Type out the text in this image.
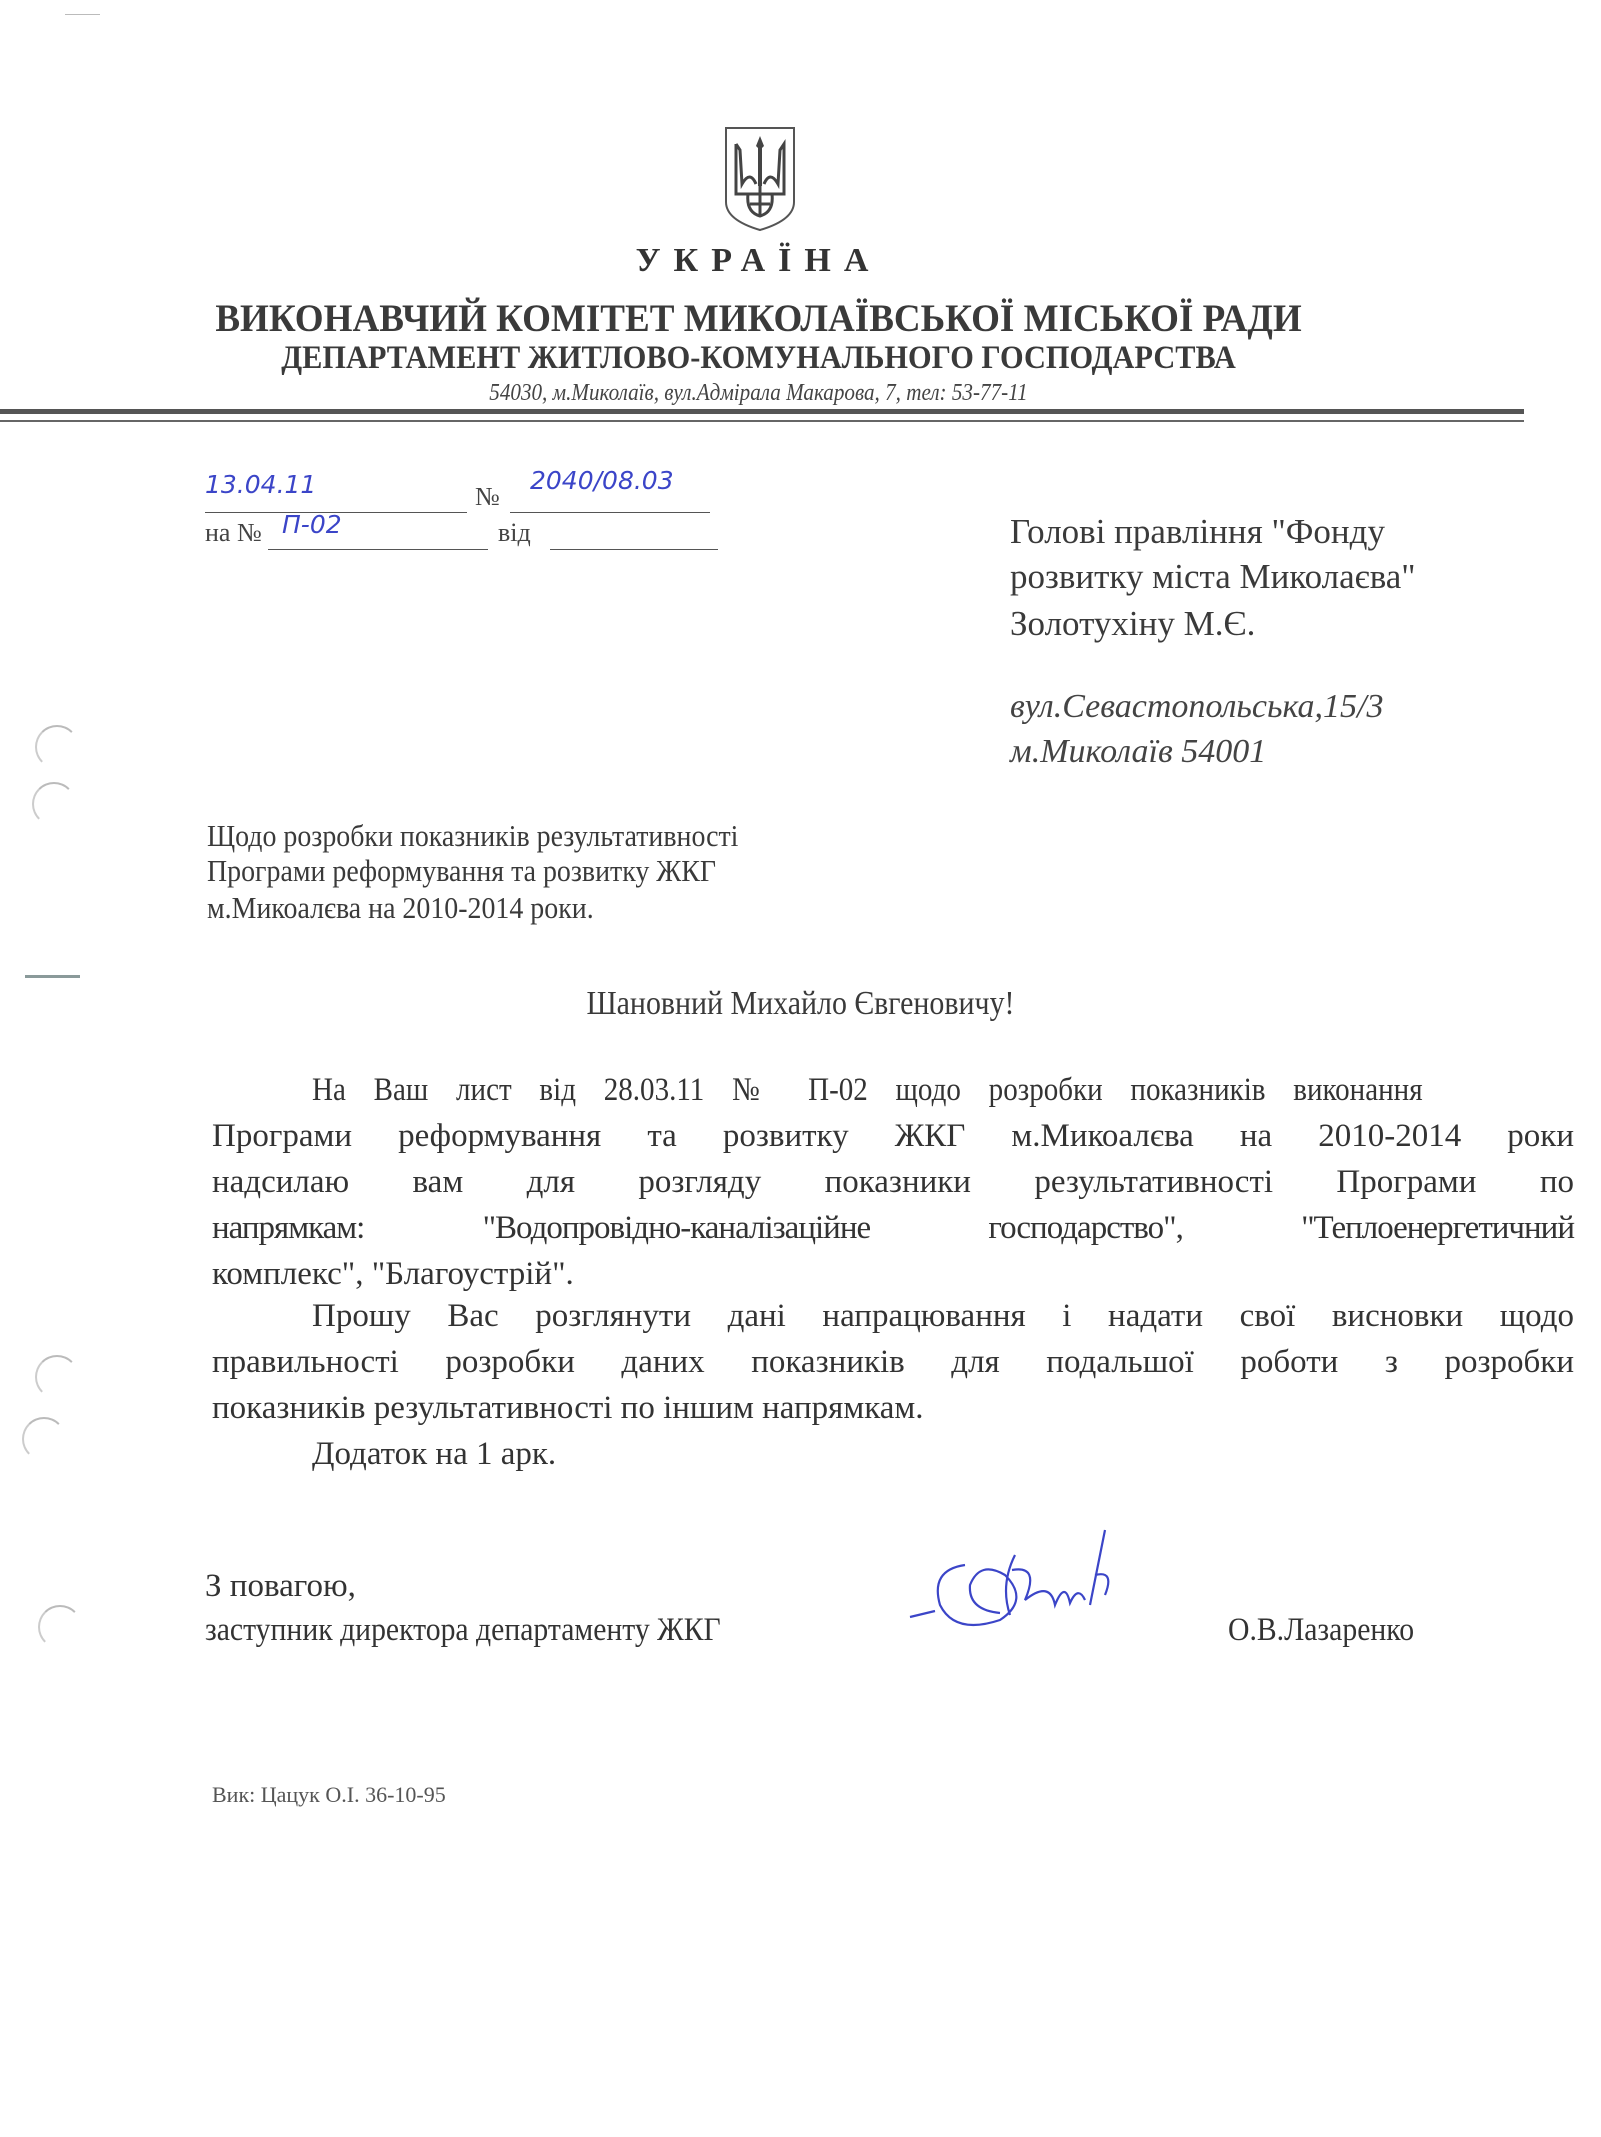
УКРАЇНА
ВИКОНАВЧИЙ КОМІТЕТ МИКОЛАЇВСЬКОЇ МІСЬКОЇ РАДИ
ДЕПАРТАМЕНТ ЖИТЛОВО-КОМУНАЛЬНОГО ГОСПОДАРСТВА
54030, м.Миколаїв, вул.Адмірала Макарова, 7, тел: 53-77-11
13.04.11	№
2040/08.03
на № П-02	від	Голові правління "Фонду
розвитку міста Миколаєва"
Золотухіну М.Є.
вул.Севастопольська,15/3
м.Миколаїв 54001
Щодо розробки показників результативності
Програми реформування та розвитку ЖКГ
м.Микоалєва на 2010-2014 роки.
Шановний Михайло Євгеновичу!
На Ваш лист від 28.03.11 № П-02 щодо розробки показників виконання
Програми реформування та розвитку ЖКГ м.Микоалєва на 2010-2014 роки
надсилаю вам для розгляду показники результативності Програми по
напрямкам: "Водопровідно-каналізаційне господарство", "Теплоенергетичний
комплекс", "Благоустрій".
Прошу Вас розглянути дані напрацювання і надати свої висновки щодо
правильності розробки даних показників для подальшої роботи з розробки
показників результативності по іншим напрямкам.
Додаток на 1 арк.
З повагою,
заступник директора департаменту ЖКГ	О.В.Лазаренко
Вик: Цацук О.І. 36-10-95
